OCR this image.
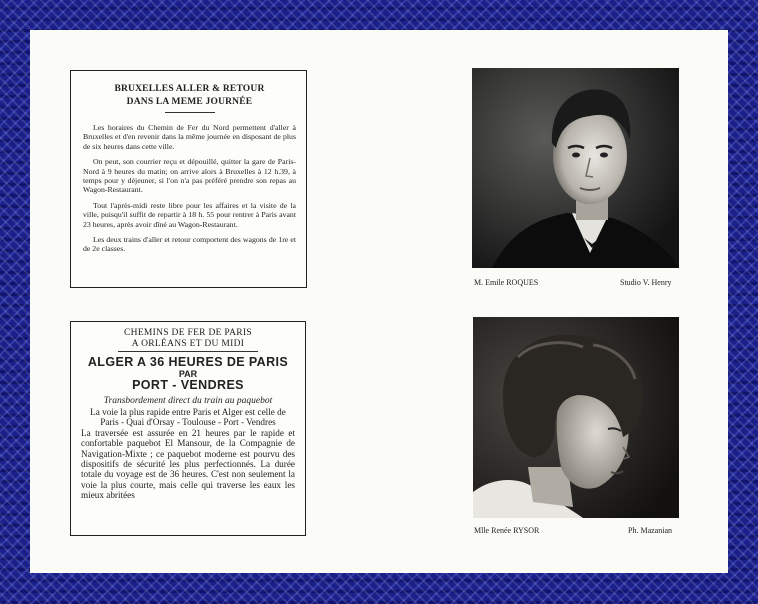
BRUXELLES ALLER & RETOUR
DANS LA MEME JOURNÉE

Les horaires du Chemin de Fer du Nord permettent d'aller à Bruxelles et d'en revenir dans la même journée en disposant de plus de six heures dans cette ville.

On peut, son courrier reçu et dépouillé, quitter la gare de Paris-Nord à 9 heures du matin; on arrive alors à Bruxelles à 12 h.39, à temps pour y déjeuner, si l'on n'a pas préféré prendre son repas au Wagon-Restaurant.

Tout l'après-midi reste libre pour les affaires et la visite de la ville, puisqu'il suffit de repartir à 18 h. 55 pour rentrer à Paris avant 23 heures, après avoir dîné au Wagon-Restaurant.

Les deux trains d'aller et retour comportent des wagons de 1re et de 2e classes.

CHEMINS DE FER DE PARIS
A ORLÉANS ET DU MIDI
ALGER A 36 HEURES DE PARIS
PAR
PORT - VENDRES
Transbordement direct du train au paquebot

La voie la plus rapide entre Paris et Alger est celle de Paris - Quai d'Orsay - Toulouse - Port - Vendres

La traversée est assurée en 21 heures par le rapide et confortable paquebot El Mansour, de la Compagnie de Navigation-Mixte ; ce paquebot moderne est pourvu des dispositifs de sécurité les plus perfectionnés. La durée totale du voyage est de 36 heures. C'est non seulement la voie la plus courte, mais celle qui traverse les eaux les mieux abritées

M. Emile ROQUES	Studio V. Henry
Mlle Renée RYSOR	Ph. Mazanian
